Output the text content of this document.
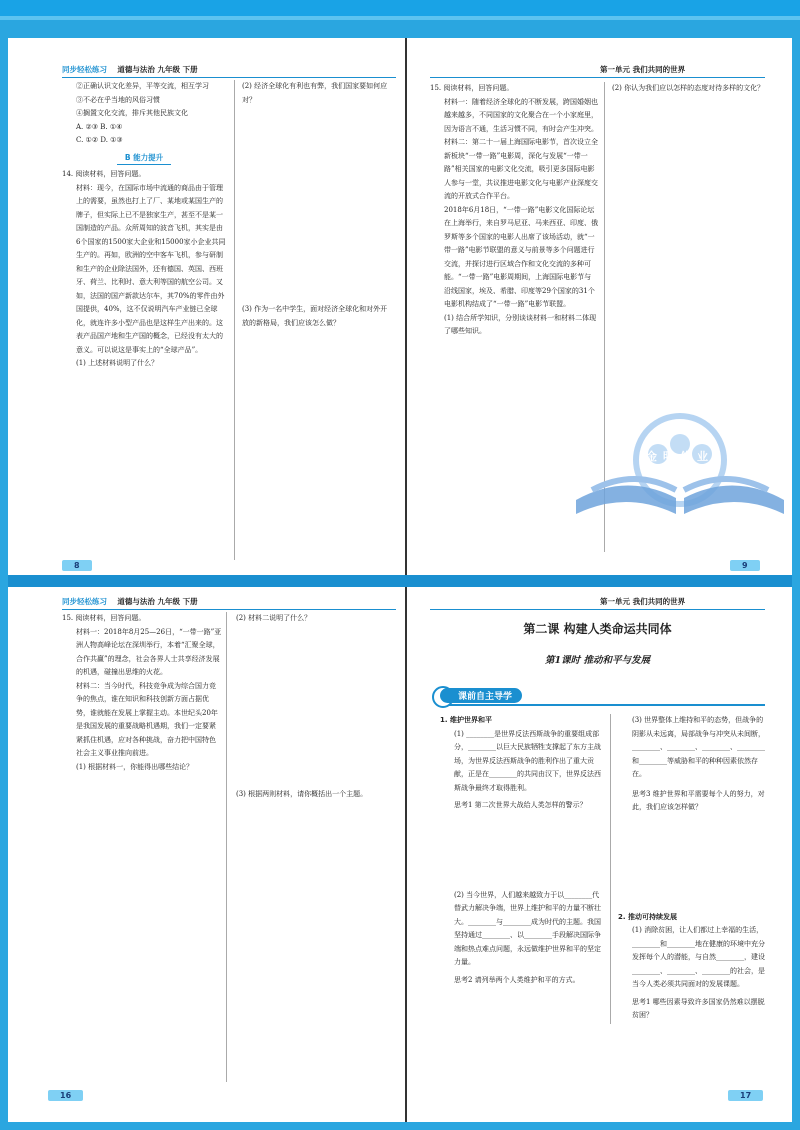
同步轻松练习 道德与法治 九年级 下册

②正确认识文化差异，平等交流，相互学习

③不必在乎当地的风俗习惯

④搁置文化交流，排斥其他民族文化

A. ②③ B. ①④

C. ①② D. ①③

B 能力提升

14. 阅读材料，回答问题。

材料：现今，在国际市场中流通的商品由于管理上的需要，虽然也打上了厂、某地或某国生产的牌子，但实际上已不是独家生产，甚至不是某一国制造的产品。众所周知的波音飞机，其实是由6个国家的1500家大企业和15000家小企业共同生产的。再如，欧洲的空中客车飞机，参与研制和生产的企业除法国外，还有德国、英国、西班牙、荷兰、比利时、意大利等国的航空公司。又如，法国的国产新款达尔车，其70%的零件由外国提供，40%，这不仅说明汽车产业链已全球化，就连许多小型产品也是这样生产出来的。这表产品国产地和生产国的概念，已经没有太大的意义。可以说这是事实上的“全球产品”。

(1) 上述材料说明了什么？

(2) 经济全球化有利也有弊，我们国家要如何应对？

(3) 作为一名中学生，面对经济全球化和对外开放的新格局，我们应该怎么做？

8
第一单元 我们共同的世界

15. 阅读材料，回答问题。

材料一：随着经济全球化的不断发展，跨国婚姻也越来越多，不同国家的文化聚合在一个小家庭里，因为语言不通，生活习惯不同，有时会产生冲突。

材料二：第二十一届上海国际电影节，首次设立全新板块“一带一路”电影周，深化与发展“一带一路”相关国家的电影文化交流，吸引更多国际电影人参与一堂，共议推进电影文化与电影产业深度交流的开放式合作平台。

2018年6月18日，“一带一路”电影文化国际论坛在上海举行，来自罗马尼亚、马来西亚、印度、俄罗斯等多个国家的电影人出席了该场活动，就“一带一路”电影节联盟的意义与前景等多个问题进行交流，并探讨进行区域合作和文化交流的多种可能。“一带一路”电影周期间，上海国际电影节与沿线国家，埃及、希腊、印度等29个国家的31个电影机构结成了“一带一路”电影节联盟。

(1) 结合所学知识，分别谈谈材料一和材料二体现了哪些知识。

(2) 你认为我们应以怎样的态度对待多样的文化？

金明伟业
9
同步轻松练习 道德与法治 九年级 下册

15. 阅读材料，回答问题。

材料一：2018年8月25—26日，“一带一路”亚洲人物高峰论坛在深圳举行，本着“汇聚全球，合作共赢”的理念，社会各界人士共享经济发展的机遇，碰撞出思维的火花。

材料二：当今时代，科技竞争成为综合国力竞争的焦点，谁在知识和科技创新方面占据优势，谁就能在发展上掌握主动。本世纪头20年是我国发展的重要战略机遇期，我们一定要紧紧抓住机遇，应对各种挑战，奋力把中国特色社会主义事业推向前进。

(1) 根据材料一，你能得出哪些结论？

(2) 材料二说明了什么？

(3) 根据两则材料，请你概括出一个主题。

16
第一单元 我们共同的世界
第二课 构建人类命运共同体
第1课时 推动和平与发展
课前自主导学

1. 维护世界和平

(1) ________是世界反法西斯战争的重要组成部分，________以巨大民族牺牲支撑起了东方主战场，为世界反法西斯战争的胜利作出了重大贡献，正是在________的共同由汉下，世界反法西斯战争最终才取得胜利。

思考1 第二次世界大战给人类怎样的警示？

(2) 当今世界，人们越来越致力于以________代替武力解决争端，世界上维护和平的力量不断壮大。________与________成为时代的主题。我国坚持通过________、以________手段解决国际争端和热点难点问题，永远做维护世界和平的坚定力量。

思考2 请列举两个人类维护和平的方式。

(3) 世界整体上维持和平的态势，但战争的阴影从未远离，局部战争与冲突从未间断，________、________、________、________和________等威胁和平的种种因素依然存在。

思考3 维护世界和平需要每个人的努力，对此，我们应该怎样做？

2. 推动可持续发展

(1) 消除贫困，让人们都过上幸福的生活，________和________地在健康的环境中充分发挥每个人的潜能，与自然________，建设________、________、________的社会，是当今人类必须共同面对的发展课题。

思考1 哪些因素导致许多国家仍然难以摆脱贫困？

17
